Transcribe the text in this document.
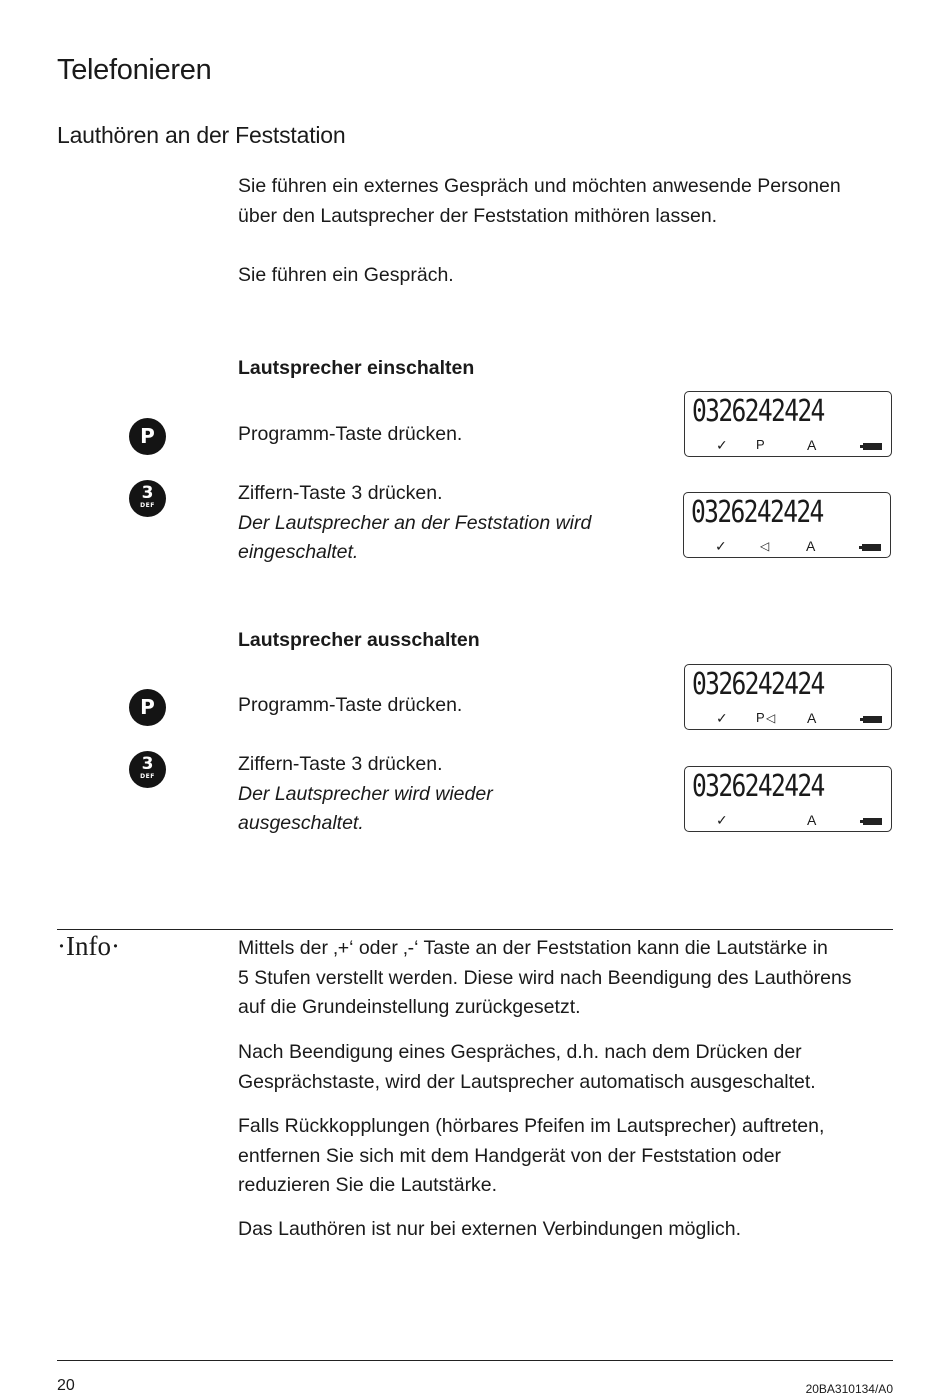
Telefonieren
Lauthören an der Feststation

Sie führen ein externes Gespräch und möchten anwesende Personen
über den Lautsprecher der Feststation mithören lassen.

Sie führen ein Gespräch.

Lautsprecher einschalten

P	Programm-Taste drücken.

3
DEF

Ziffern-Taste 3 drücken.
Der Lautsprecher an der Feststation wird
eingeschaltet.

0326242424
✓ P	A
0326242424
✓	◁	A

Lautsprecher ausschalten

P	Programm-Taste drücken.

3
DEF

Ziffern-Taste 3 drücken.
Der Lautsprecher wird wieder
ausgeschaltet.

0326242424
✓ P ◁ A
0326242424
✓	A
·Info·	Mittels der ‚+‘ oder ‚-‘ Taste an der Feststation kann die Lautstärke in
5 Stufen verstellt werden. Diese wird nach Beendigung des Lauthörens
auf die Grundeinstellung zurückgesetzt.

Nach Beendigung eines Gespräches, d.h. nach dem Drücken der
Gesprächstaste, wird der Lautsprecher automatisch ausgeschaltet.

Falls Rückkopplungen (hörbares Pfeifen im Lautsprecher) auftreten,
entfernen Sie sich mit dem Handgerät von der Feststation oder
reduzieren Sie die Lautstärke.

Das Lauthören ist nur bei externen Verbindungen möglich.

20	20BA310134/A0
